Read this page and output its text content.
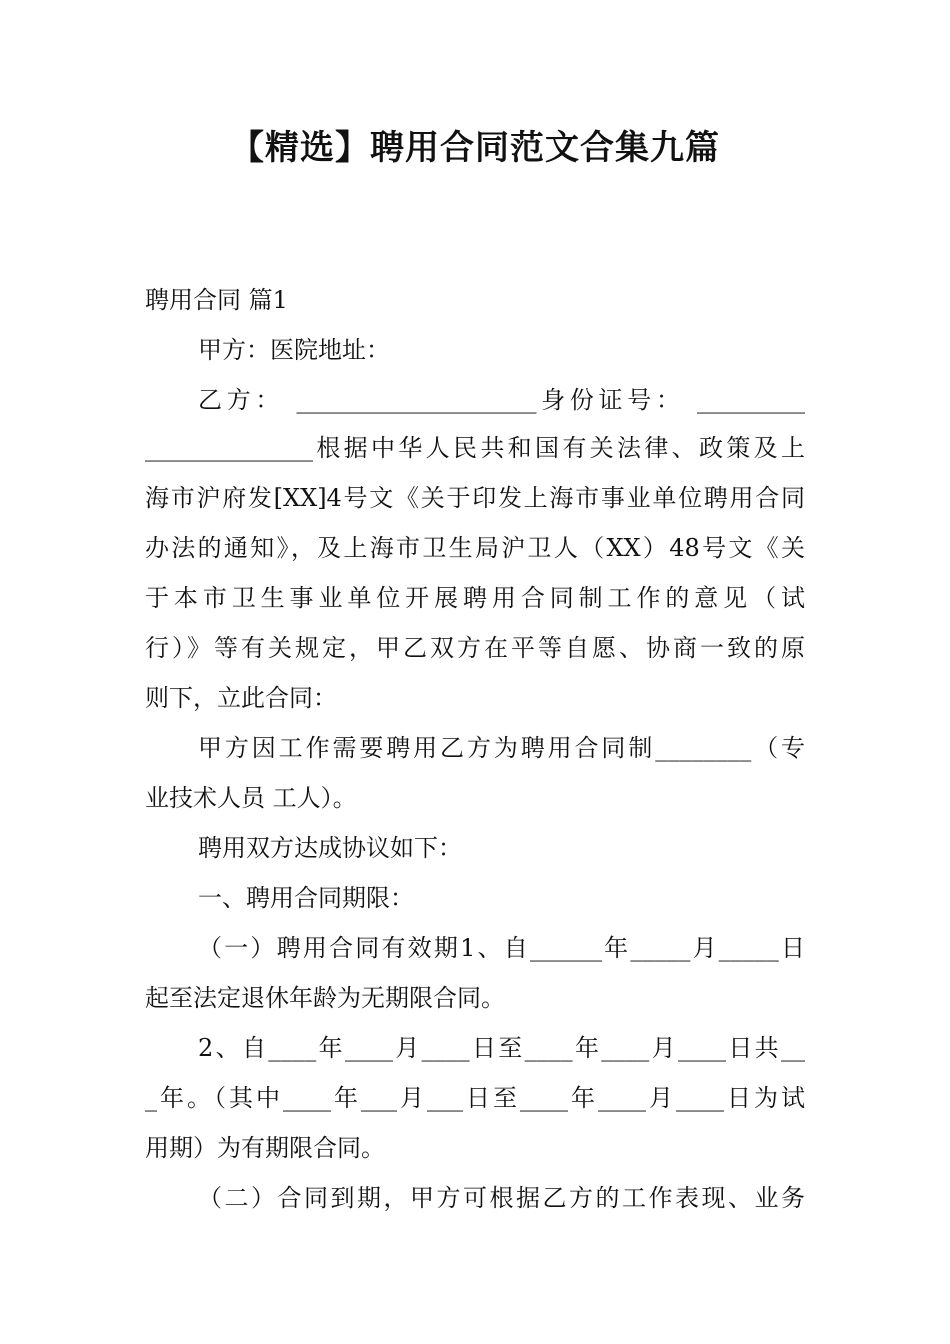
【精选】聘用合同范文合集九篇
聘用合同 篇1
甲方：医院地址：
乙方： ____________________身份证号： _________
______________根据中华人民共和国有关法律、政策及上
海市沪府发[XX]4号文《关于印发上海市事业单位聘用合同
办法的通知》，及上海市卫生局沪卫人（XX）48号文《关
于本市卫生事业单位开展聘用合同制工作的意见（试
行）》等有关规定，甲乙双方在平等自愿、协商一致的原
则下，立此合同：
甲方因工作需要聘用乙方为聘用合同制________（专
业技术人员 工人）。
聘用双方达成协议如下：
一、聘用合同期限：
（一）聘用合同有效期1、自______年_____月_____日
起至法定退休年龄为无期限合同。
2、自____年____月____日至____年____月____日共__
_年。（其中____年___月___日至____年____月____日为试
用期）为有期限合同。
（二）合同到期，甲方可根据乙方的工作表现、业务
